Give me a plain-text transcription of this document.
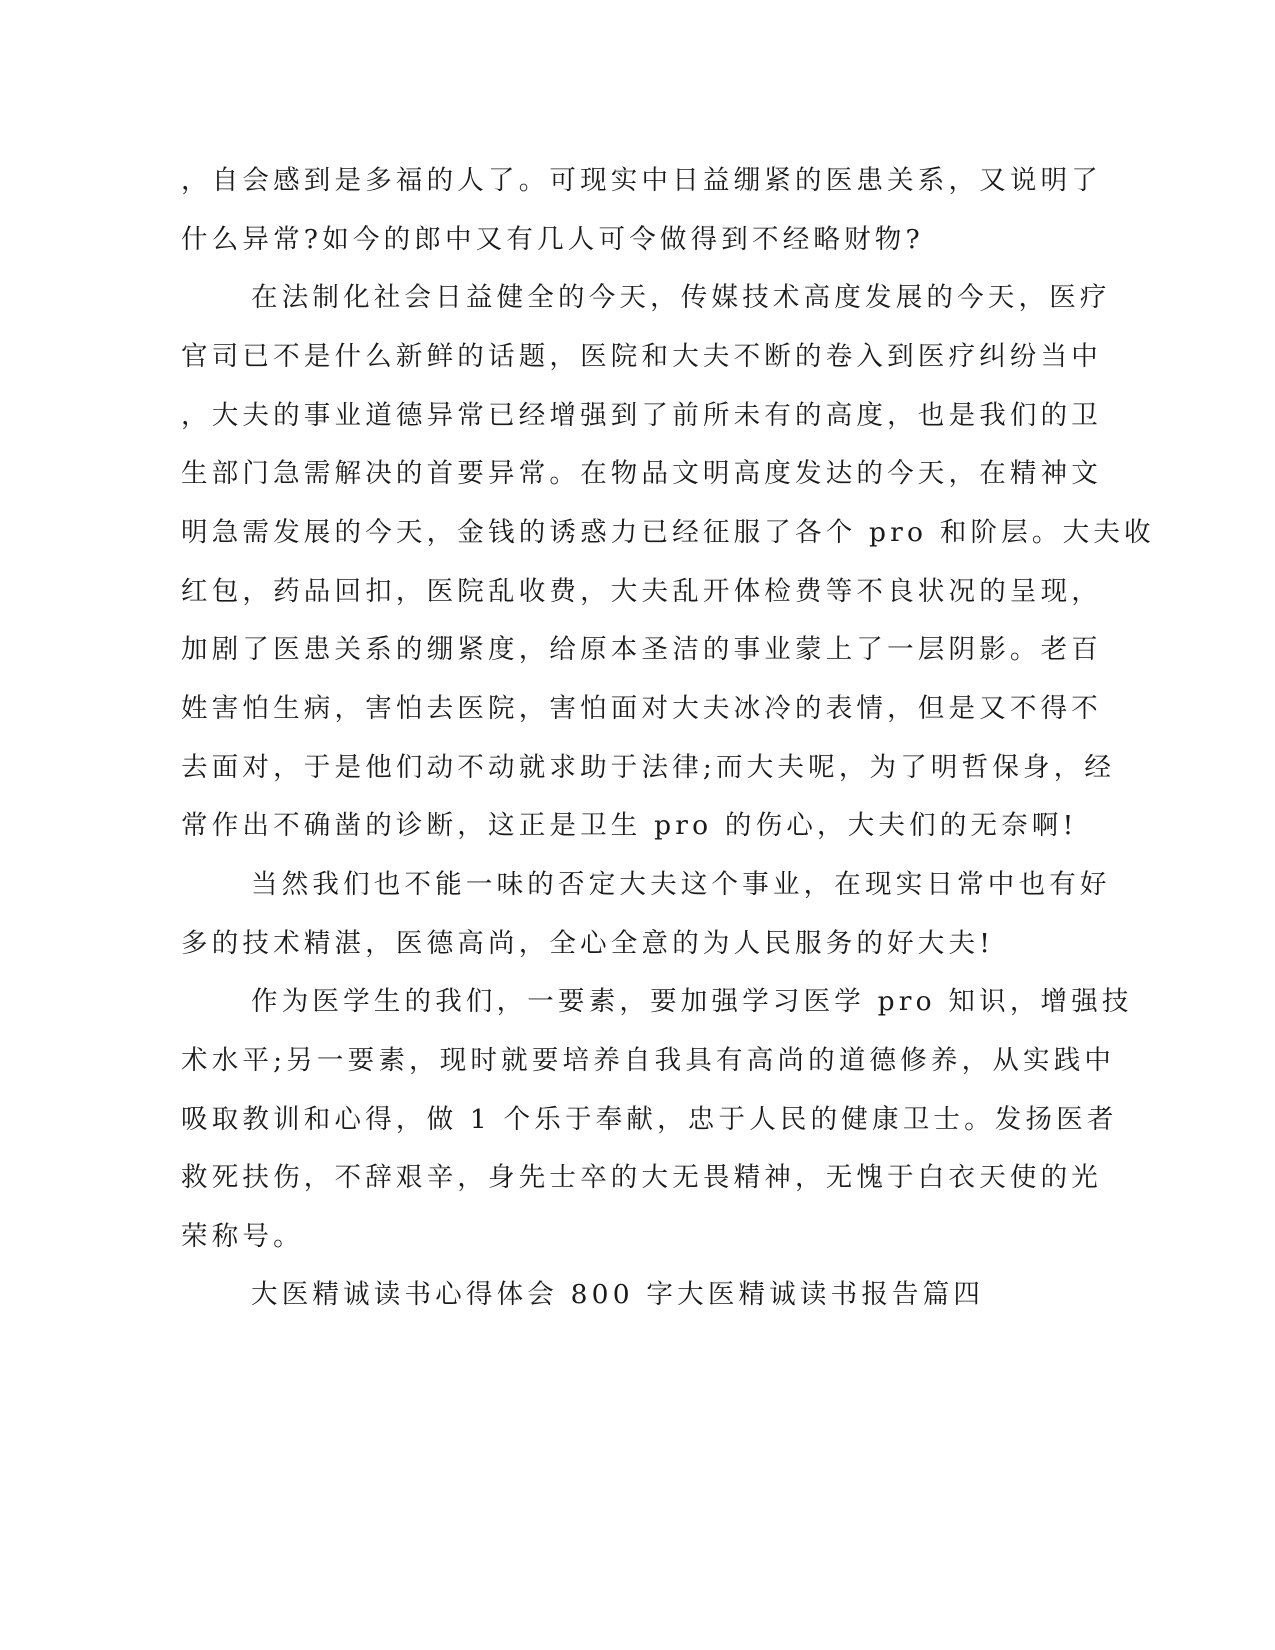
，自会感到是多福的人了。可现实中日益绷紧的医患关系，又说明了

什么异常?如今的郎中又有几人可令做得到不经略财物?

在法制化社会日益健全的今天，传媒技术高度发展的今天，医疗

官司已不是什么新鲜的话题，医院和大夫不断的卷入到医疗纠纷当中

，大夫的事业道德异常已经增强到了前所未有的高度，也是我们的卫

生部门急需解决的首要异常。在物品文明高度发达的今天，在精神文

明急需发展的今天，金钱的诱惑力已经征服了各个 pro 和阶层。大夫收

红包，药品回扣，医院乱收费，大夫乱开体检费等不良状况的呈现，

加剧了医患关系的绷紧度，给原本圣洁的事业蒙上了一层阴影。老百

姓害怕生病，害怕去医院，害怕面对大夫冰冷的表情，但是又不得不

去面对，于是他们动不动就求助于法律;而大夫呢，为了明哲保身，经

常作出不确凿的诊断，这正是卫生 pro 的伤心，大夫们的无奈啊!

当然我们也不能一味的否定大夫这个事业，在现实日常中也有好

多的技术精湛，医德高尚，全心全意的为人民服务的好大夫!

作为医学生的我们，一要素，要加强学习医学 pro 知识，增强技

术水平;另一要素，现时就要培养自我具有高尚的道德修养，从实践中

吸取教训和心得，做 1 个乐于奉献，忠于人民的健康卫士。发扬医者

救死扶伤，不辞艰辛，身先士卒的大无畏精神，无愧于白衣天使的光

荣称号。

大医精诚读书心得体会 800 字大医精诚读书报告篇四
